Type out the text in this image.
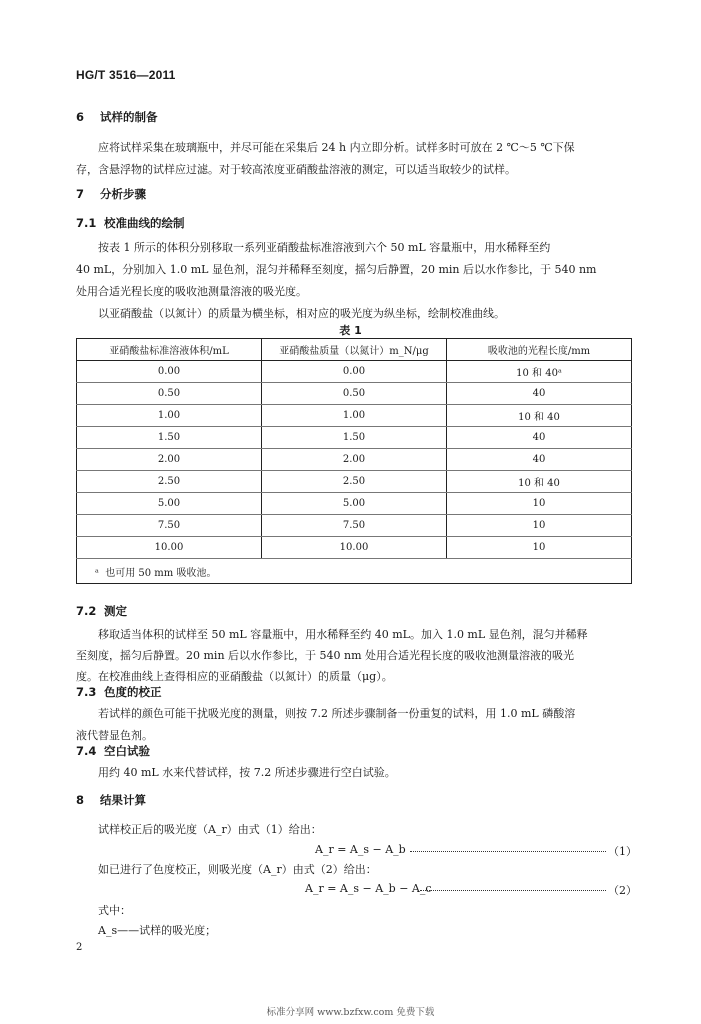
HG/T 3516—2011
6 试样的制备
应将试样采集在玻璃瓶中，并尽可能在采集后 24 h 内立即分析。试样多时可放在 2 ℃～5 ℃下保
存，含悬浮物的试样应过滤。对于较高浓度亚硝酸盐溶液的测定，可以适当取较少的试样。
7 分析步骤
7.1 校准曲线的绘制
按表 1 所示的体积分别移取一系列亚硝酸盐标准溶液到六个 50 mL 容量瓶中，用水稀释至约
40 mL，分别加入 1.0 mL 显色剂，混匀并稀释至刻度，摇匀后静置，20 min 后以水作参比，于 540 nm
处用合适光程长度的吸收池测量溶液的吸光度。
以亚硝酸盐（以氮计）的质量为横坐标，相对应的吸光度为纵坐标，绘制校准曲线。
表 1
亚硝酸盐标准溶液体积/mL	亚硝酸盐质量（以氮计）m_N/μg	吸收池的光程长度/mm
0.00	0.00	10 和 40ᵃ
0.50	0.50	40
1.00	1.00	10 和 40
1.50	1.50	40
2.00	2.00	40
2.50	2.50	10 和 40
5.00	5.00	10
7.50	7.50	10
10.00	10.00	10
ᵃ 也可用 50 mm 吸收池。		
7.2 测定
移取适当体积的试样至 50 mL 容量瓶中，用水稀释至约 40 mL。加入 1.0 mL 显色剂，混匀并稀释
至刻度，摇匀后静置。20 min 后以水作参比，于 540 nm 处用合适光程长度的吸收池测量溶液的吸光
度。在校准曲线上查得相应的亚硝酸盐（以氮计）的质量（μg）。
7.3 色度的校正
若试样的颜色可能干扰吸光度的测量，则按 7.2 所述步骤制备一份重复的试料，用 1.0 mL 磷酸溶
液代替显色剂。
7.4 空白试验
用约 40 mL 水来代替试样，按 7.2 所述步骤进行空白试验。
8 结果计算
试样校正后的吸光度（A_r）由式（1）给出：
A_r = A_s − A_b	（1）
如已进行了色度校正，则吸光度（A_r）由式（2）给出：
A_r = A_s − A_b − A_c	（2）
式中：
A_s——试样的吸光度；
2
标准分享网 www.bzfxw.com 免费下载
